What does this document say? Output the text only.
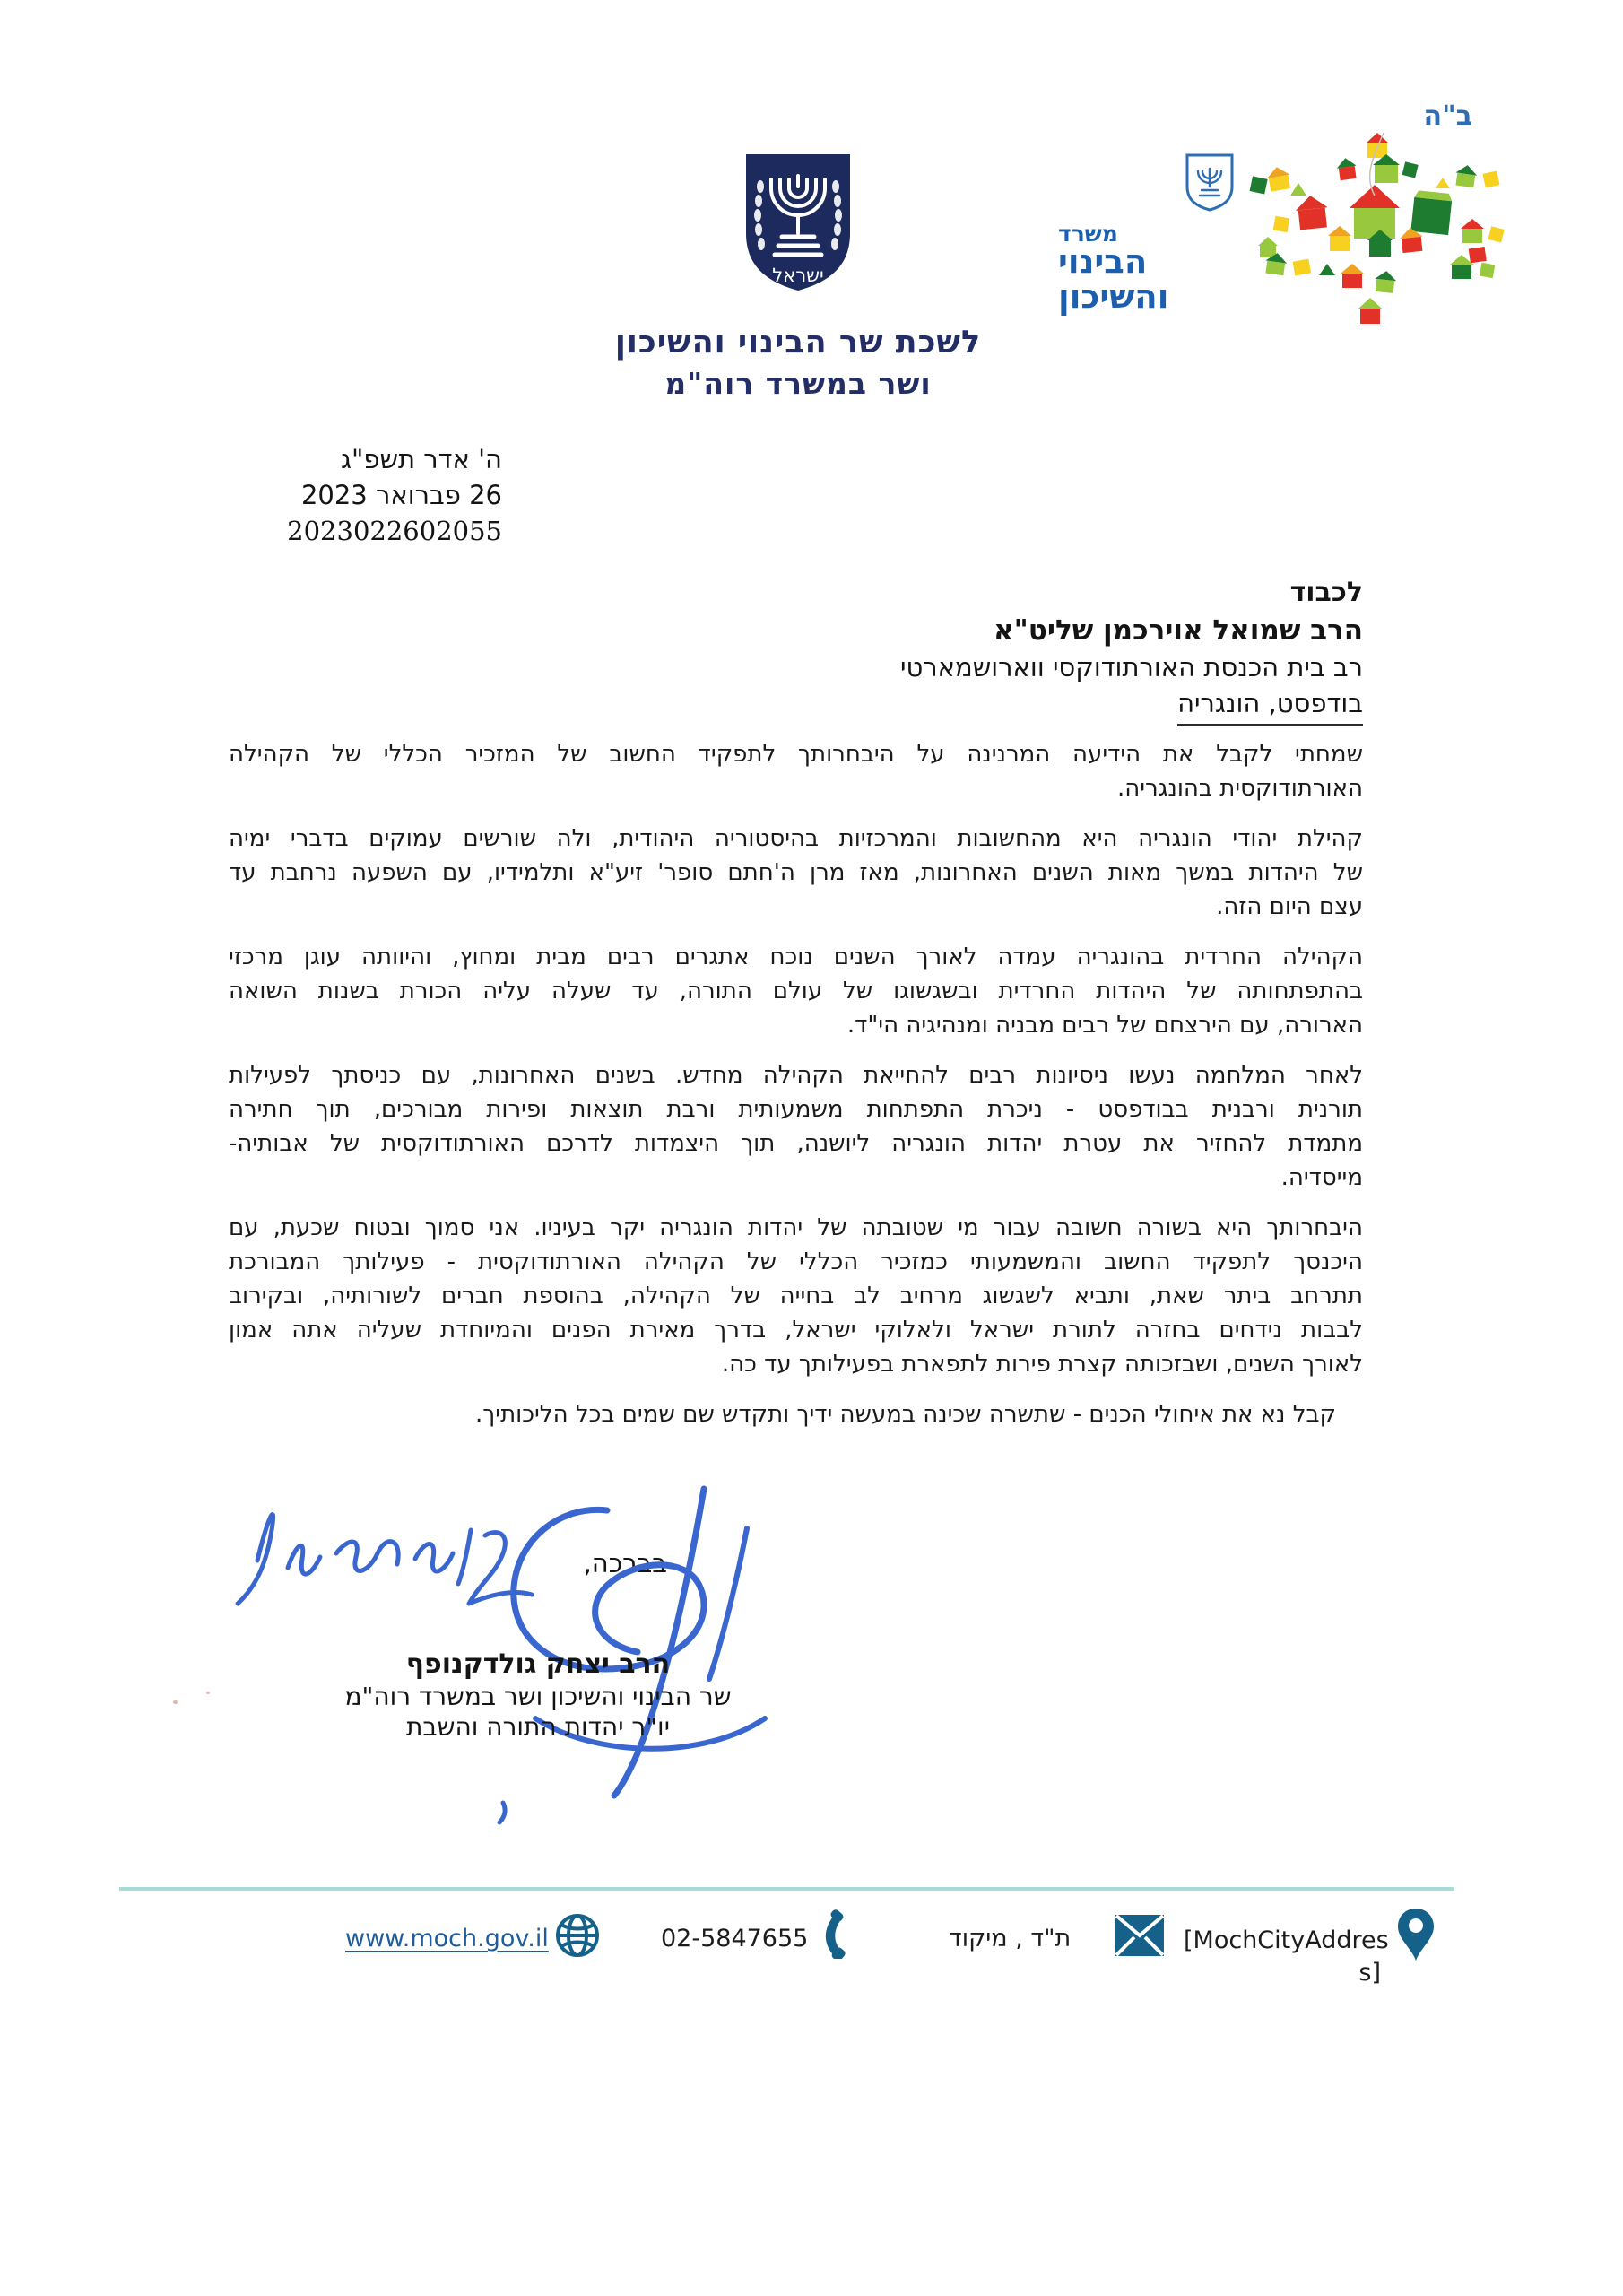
ב"ה
ישראל
לשכת שר הבינוי והשיכון
ושר במשרד רוה"מ
משרד
הבינוי
והשיכון
ה' אדר תשפ"ג
26 פברואר 2023
2023022602055
לכבוד
הרב שמואל אוירכמן שליט"א
רב בית הכנסת האורתודוקסי ווארושמארטי
בודפסט, הונגריה
שמחתי לקבל את הידיעה המרנינה על היבחרותך לתפקיד החשוב של המזכיר הכללי של הקהילה
האורתודוקסית בהונגריה.
קהילת יהודי הונגריה היא מהחשובות והמרכזיות בהיסטוריה היהודית, ולה שורשים עמוקים בדברי ימיה
של היהדות במשך מאות השנים האחרונות, מאז מרן ה'חתם סופר' זיע"א ותלמידיו, עם השפעה נרחבת עד
עצם היום הזה.
הקהילה החרדית בהונגריה עמדה לאורך השנים נוכח אתגרים רבים מבית ומחוץ, והיוותה עוגן מרכזי
בהתפתחותה של היהדות החרדית ובשגשוגו של עולם התורה, עד שעלה עליה הכורת בשנות השואה
הארורה, עם הירצחם של רבים מבניה ומנהיגיה הי"ד.
לאחר המלחמה נעשו ניסיונות רבים להחייאת הקהילה מחדש. בשנים האחרונות, עם כניסתך לפעילות
תורנית ורבנית בבודפסט - ניכרת התפתחות משמעותית ורבת תוצאות ופירות מבורכים, תוך חתירה
מתמדת להחזיר את עטרת יהדות הונגריה ליושנה, תוך היצמדות לדרכם האורתודוקסית של אבותיה-
מייסדיה.
היבחרותך היא בשורה חשובה עבור מי שטובתה של יהדות הונגריה יקר בעיניו. אני סמוך ובטוח שכעת, עם
היכנסך לתפקיד החשוב והמשמעותי כמזכיר הכללי של הקהילה האורתודוקסית - פעילותך המבורכת
תתרחב ביתר שאת, ותביא לשגשוג מרחיב לב בחייה של הקהילה, בהוספת חברים לשורותיה, ובקירוב
לבבות נידחים בחזרה לתורת ישראל ולאלוקי ישראל, בדרך מאירת הפנים והמיוחדת שעליה אתה אמון
לאורך השנים, ושבזכותה קצרת פירות לתפארת בפעילותך עד כה.
קבל נא את איחולי הכנים - שתשרה שכינה במעשה ידיך ותקדש שם שמים בכל הליכותיך.
בברכה,
הרב יצחק גולדקנופף
שר הבינוי והשיכון ושר במשרד רוה"מ
יו"ר יהדות התורה והשבת
www.moch.gov.il	02-5847655	ת"ד , מיקוד	[MochCityAddres
s]
